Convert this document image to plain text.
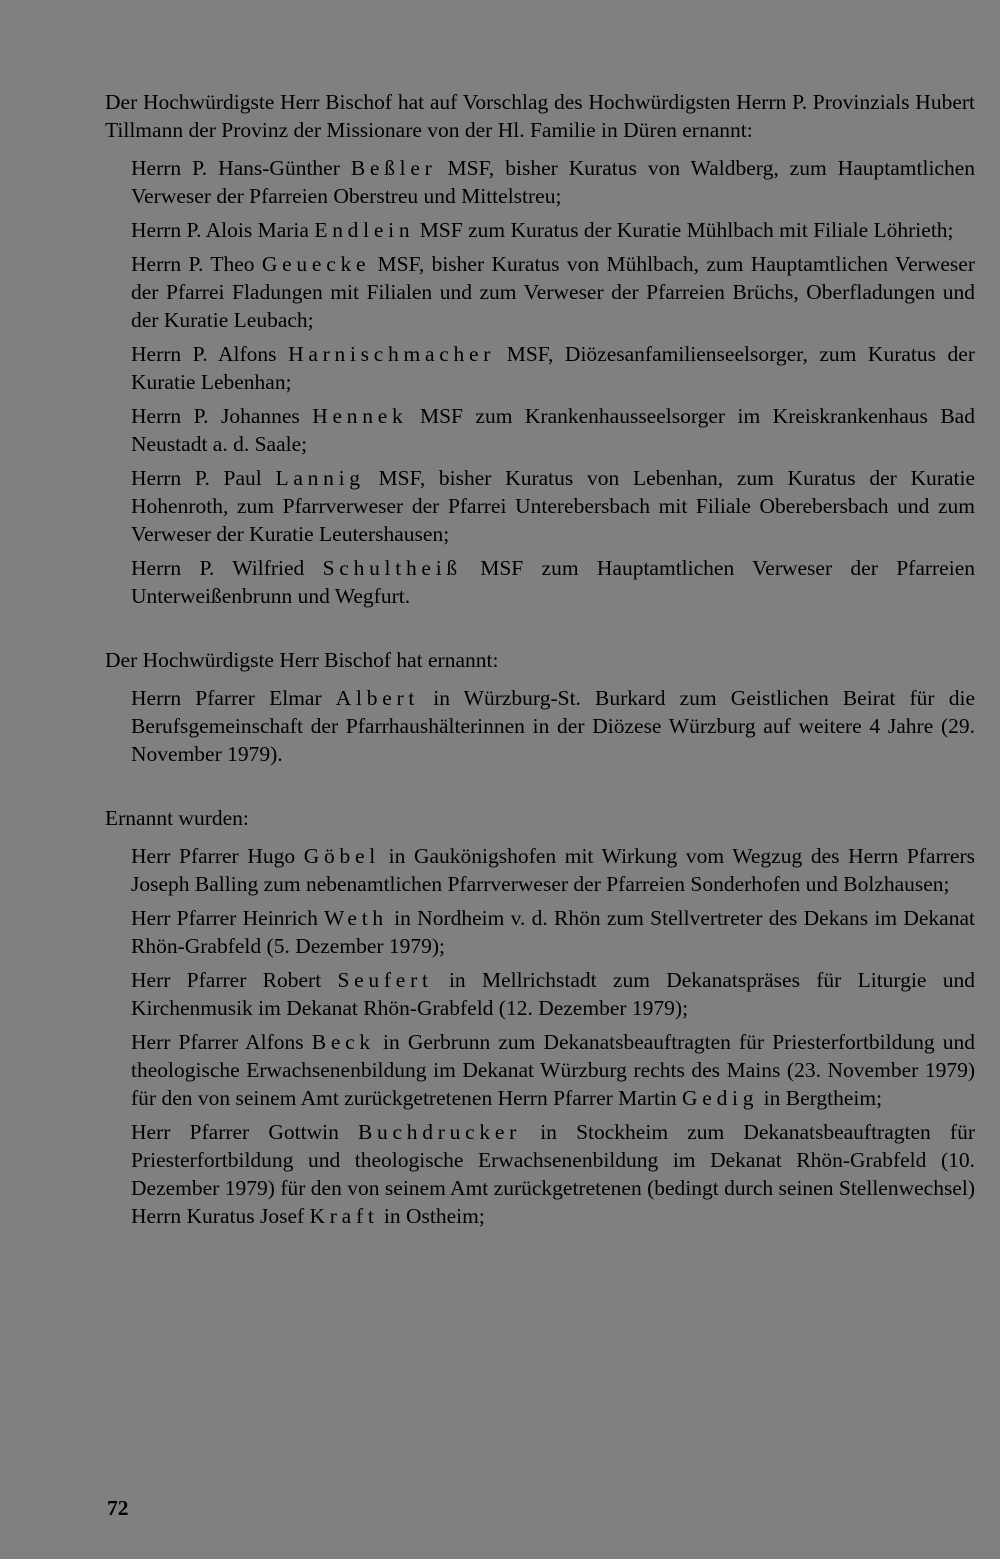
Der Hochwürdigste Herr Bischof hat auf Vorschlag des Hochwürdigsten Herrn P. Provinzials Hubert Tillmann der Provinz der Missionare von der Hl. Familie in Düren ernannt:

Herrn P. Hans-Günther Beßler MSF, bisher Kuratus von Waldberg, zum Hauptamtlichen Verweser der Pfarreien Oberstreu und Mittelstreu;

Herrn P. Alois Maria Endlein MSF zum Kuratus der Kuratie Mühlbach mit Filiale Löhrieth;

Herrn P. Theo Geuecke MSF, bisher Kuratus von Mühlbach, zum Hauptamtlichen Verweser der Pfarrei Fladungen mit Filialen und zum Verweser der Pfarreien Brüchs, Oberfladungen und der Kuratie Leubach;

Herrn P. Alfons Harnischmacher MSF, Diözesanfamilienseelsorger, zum Kuratus der Kuratie Lebenhan;

Herrn P. Johannes Hennek MSF zum Krankenhausseelsorger im Kreiskrankenhaus Bad Neustadt a. d. Saale;

Herrn P. Paul Lannig MSF, bisher Kuratus von Lebenhan, zum Kuratus der Kuratie Hohenroth, zum Pfarrverweser der Pfarrei Unterebersbach mit Filiale Oberebersbach und zum Verweser der Kuratie Leutershausen;

Herrn P. Wilfried Schultheiß MSF zum Hauptamtlichen Verweser der Pfarreien Unterweißenbrunn und Wegfurt.

Der Hochwürdigste Herr Bischof hat ernannt:

Herrn Pfarrer Elmar Albert in Würzburg-St. Burkard zum Geistlichen Beirat für die Berufsgemeinschaft der Pfarrhaushälterinnen in der Diözese Würzburg auf weitere 4 Jahre (29. November 1979).

Ernannt wurden:

Herr Pfarrer Hugo Göbel in Gaukönigshofen mit Wirkung vom Wegzug des Herrn Pfarrers Joseph Balling zum nebenamtlichen Pfarrverweser der Pfarreien Sonderhofen und Bolzhausen;

Herr Pfarrer Heinrich Weth in Nordheim v. d. Rhön zum Stellvertreter des Dekans im Dekanat Rhön-Grabfeld (5. Dezember 1979);

Herr Pfarrer Robert Seufert in Mellrichstadt zum Dekanatspräses für Liturgie und Kirchenmusik im Dekanat Rhön-Grabfeld (12. Dezember 1979);

Herr Pfarrer Alfons Beck in Gerbrunn zum Dekanatsbeauftragten für Priesterfortbildung und theologische Erwachsenenbildung im Dekanat Würzburg rechts des Mains (23. November 1979) für den von seinem Amt zurückgetretenen Herrn Pfarrer Martin Gedig in Bergtheim;

Herr Pfarrer Gottwin Buchdrucker in Stockheim zum Dekanatsbeauftragten für Priesterfortbildung und theologische Erwachsenenbildung im Dekanat Rhön-Grabfeld (10. Dezember 1979) für den von seinem Amt zurückgetretenen (bedingt durch seinen Stellenwechsel) Herrn Kuratus Josef Kraft in Ostheim;

72
